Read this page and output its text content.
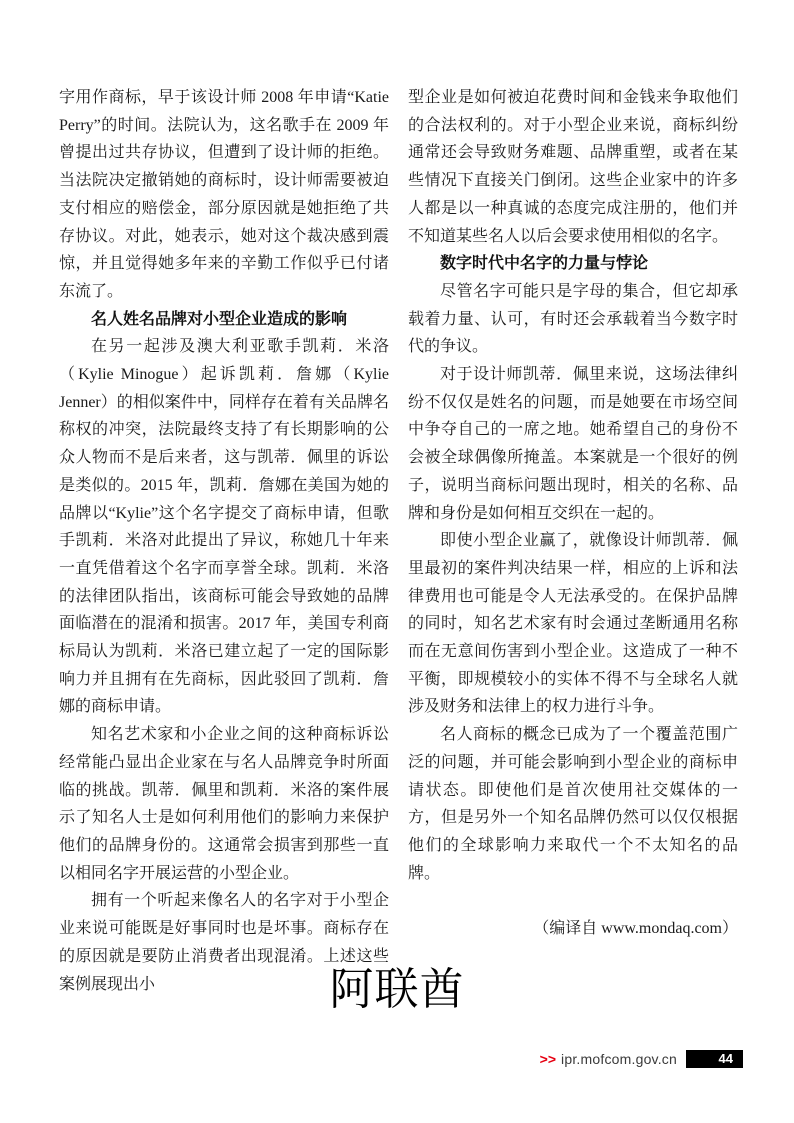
字用作商标，早于该设计师 2008 年申请“Katie Perry”的时间。法院认为，这名歌手在 2009 年曾提出过共存协议，但遭到了设计师的拒绝。当法院决定撤销她的商标时，设计师需要被迫支付相应的赔偿金，部分原因就是她拒绝了共存协议。对此，她表示，她对这个裁决感到震惊，并且觉得她多年来的辛勤工作似乎已付诸东流了。

名人姓名品牌对小型企业造成的影响

在另一起涉及澳大利亚歌手凯莉．米洛（Kylie Minogue）起诉凯莉．詹娜（Kylie Jenner）的相似案件中，同样存在着有关品牌名称权的冲突，法院最终支持了有长期影响的公众人物而不是后来者，这与凯蒂．佩里的诉讼是类似的。2015 年，凯莉．詹娜在美国为她的品牌以“Kylie”这个名字提交了商标申请，但歌手凯莉．米洛对此提出了异议，称她几十年来一直凭借着这个名字而享誉全球。凯莉．米洛的法律团队指出，该商标可能会导致她的品牌面临潜在的混淆和损害。2017 年，美国专利商标局认为凯莉．米洛已建立起了一定的国际影响力并且拥有在先商标，因此驳回了凯莉．詹娜的商标申请。

知名艺术家和小企业之间的这种商标诉讼经常能凸显出企业家在与名人品牌竞争时所面临的挑战。凯蒂．佩里和凯莉．米洛的案件展示了知名人士是如何利用他们的影响力来保护他们的品牌身份的。这通常会损害到那些一直以相同名字开展运营的小型企业。

拥有一个听起来像名人的名字对于小型企业来说可能既是好事同时也是坏事。商标存在的原因就是要防止消费者出现混淆。上述这些案例展现出小

型企业是如何被迫花费时间和金钱来争取他们的合法权利的。对于小型企业来说，商标纠纷通常还会导致财务难题、品牌重塑，或者在某些情况下直接关门倒闭。这些企业家中的许多人都是以一种真诚的态度完成注册的，他们并不知道某些名人以后会要求使用相似的名字。

数字时代中名字的力量与悖论

尽管名字可能只是字母的集合，但它却承载着力量、认可，有时还会承载着当今数字时代的争议。

对于设计师凯蒂．佩里来说，这场法律纠纷不仅仅是姓名的问题，而是她要在市场空间中争夺自己的一席之地。她希望自己的身份不会被全球偶像所掩盖。本案就是一个很好的例子，说明当商标问题出现时，相关的名称、品牌和身份是如何相互交织在一起的。

即使小型企业赢了，就像设计师凯蒂．佩里最初的案件判决结果一样，相应的上诉和法律费用也可能是令人无法承受的。在保护品牌的同时，知名艺术家有时会通过垄断通用名称而在无意间伤害到小型企业。这造成了一种不平衡，即规模较小的实体不得不与全球名人就涉及财务和法律上的权力进行斗争。

名人商标的概念已成为了一个覆盖范围广泛的问题，并可能会影响到小型企业的商标申请状态。即使他们是首次使用社交媒体的一方，但是另外一个知名品牌仍然可以仅仅根据他们的全球影响力来取代一个不太知名的品牌。

（编译自 www.mondaq.com）

阿联酋
>> ipr.mofcom.gov.cn	44
